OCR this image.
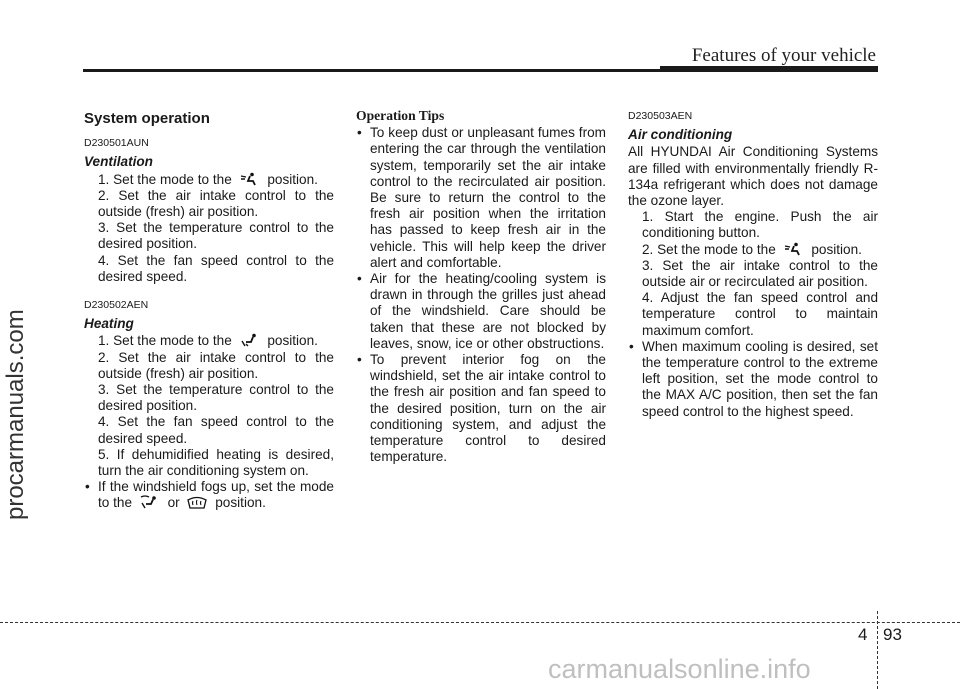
Features of your vehicle
procarmanuals.com
System operation
D230501AUN
Ventilation
1. Set the mode to the	position.
2. Set the air intake control to the outside (fresh) air position.
3. Set the temperature control to the desired position.
4. Set the fan speed control to the desired speed.
D230502AEN
Heating
1. Set the mode to the	position.
2. Set the air intake control to the outside (fresh) air position.
3. Set the temperature control to the desired position.
4. Set the fan speed control to the desired speed.
5. If dehumidified heating is desired, turn the air conditioning system on.
• If the windshield fogs up, set the mode to the	or	position.
Operation Tips
• To keep dust or unpleasant fumes from entering the car through the ventilation system, temporarily set the air intake control to the recirculated air position. Be sure to return the control to the fresh air position when the irritation has passed to keep fresh air in the vehicle. This will help keep the driver alert and comfortable.
• Air for the heating/cooling system is drawn in through the grilles just ahead of the windshield. Care should be taken that these are not blocked by leaves, snow, ice or other obstructions.
• To prevent interior fog on the windshield, set the air intake control to the fresh air position and fan speed to the desired position, turn on the air conditioning system, and adjust the temperature control to desired temperature.
D230503AEN
Air conditioning
All HYUNDAI Air Conditioning Systems are filled with environmentally friendly R-134a refrigerant which does not damage the ozone layer.
1. Start the engine. Push the air conditioning button.
2. Set the mode to the	position.
3. Set the air intake control to the outside air or recirculated air position.
4. Adjust the fan speed control and temperature control to maintain maximum comfort.
• When maximum cooling is desired, set the temperature control to the extreme left position, set the mode control to the MAX A/C position, then set the fan speed control to the highest speed.
4 93
carmanualsonline.info
